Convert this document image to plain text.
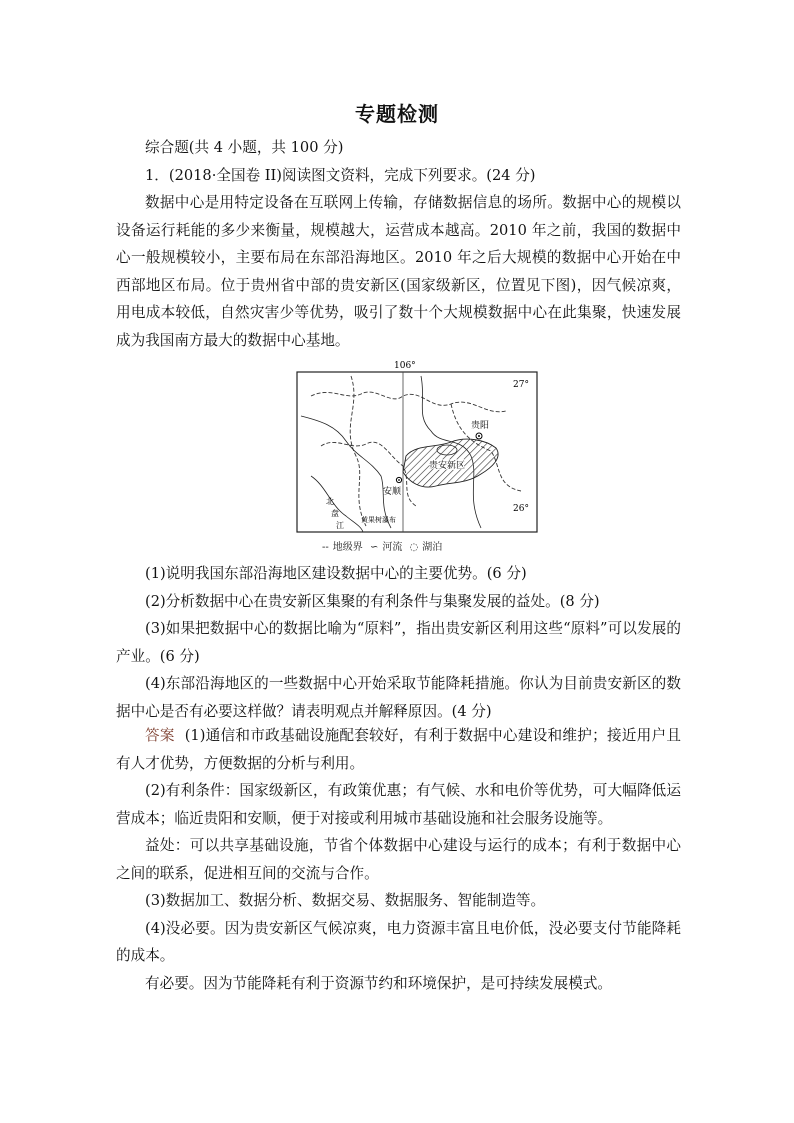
专题检测

综合题(共 4 小题，共 100 分)

1．(2018·全国卷 II)阅读图文资料，完成下列要求。(24 分)

数据中心是用特定设备在互联网上传输，存储数据信息的场所。数据中心的规模以设备运行耗能的多少来衡量，规模越大，运营成本越高。2010 年之前，我国的数据中心一般规模较小，主要布局在东部沿海地区。2010 年之后大规模的数据中心开始在中西部地区布局。位于贵州省中部的贵安新区(国家级新区，位置见下图)，因气候凉爽，用电成本较低，自然灾害少等优势，吸引了数十个大规模数据中心在此集聚，快速发展成为我国南方最大的数据中心基地。

106°
27°
26°
贵安新区
贵阳
安顺
北
盘
江
黄果树瀑布
-- 地级界 ∽ 河流 ◌ 湖泊

(1)说明我国东部沿海地区建设数据中心的主要优势。(6 分)

(2)分析数据中心在贵安新区集聚的有利条件与集聚发展的益处。(8 分)

(3)如果把数据中心的数据比喻为“原料”，指出贵安新区利用这些“原料”可以发展的产业。(6 分)

(4)东部沿海地区的一些数据中心开始采取节能降耗措施。你认为目前贵安新区的数据中心是否有必要这样做？请表明观点并解释原因。(4 分)

答案 (1)通信和市政基础设施配套较好，有利于数据中心建设和维护；接近用户且有人才优势，方便数据的分析与利用。

(2)有利条件：国家级新区，有政策优惠；有气候、水和电价等优势，可大幅降低运营成本；临近贵阳和安顺，便于对接或利用城市基础设施和社会服务设施等。

益处：可以共享基础设施，节省个体数据中心建设与运行的成本；有利于数据中心之间的联系，促进相互间的交流与合作。

(3)数据加工、数据分析、数据交易、数据服务、智能制造等。

(4)没必要。因为贵安新区气候凉爽，电力资源丰富且电价低，没必要支付节能降耗的成本。

有必要。因为节能降耗有利于资源节约和环境保护，是可持续发展模式。
